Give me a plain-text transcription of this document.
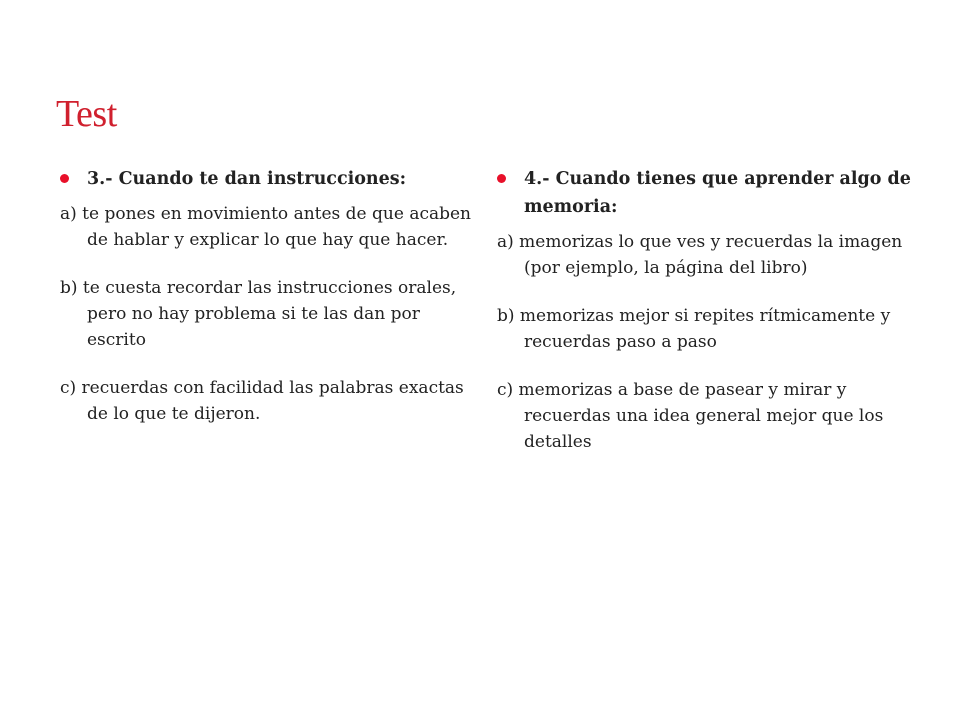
Test
3.- Cuando te dan instrucciones:
a) te pones en movimiento antes de que acaben de hablar y explicar lo que hay que hacer.
b) te cuesta recordar las instrucciones orales, pero no hay problema si te las dan por escrito
c) recuerdas con facilidad las palabras exactas de lo que te dijeron.
4.- Cuando tienes que aprender algo de memoria:
a) memorizas lo que ves y recuerdas la imagen (por ejemplo, la página del libro)
b) memorizas mejor si repites rítmicamente y recuerdas paso a paso
c) memorizas a base de pasear y mirar y recuerdas una idea general mejor que los detalles
